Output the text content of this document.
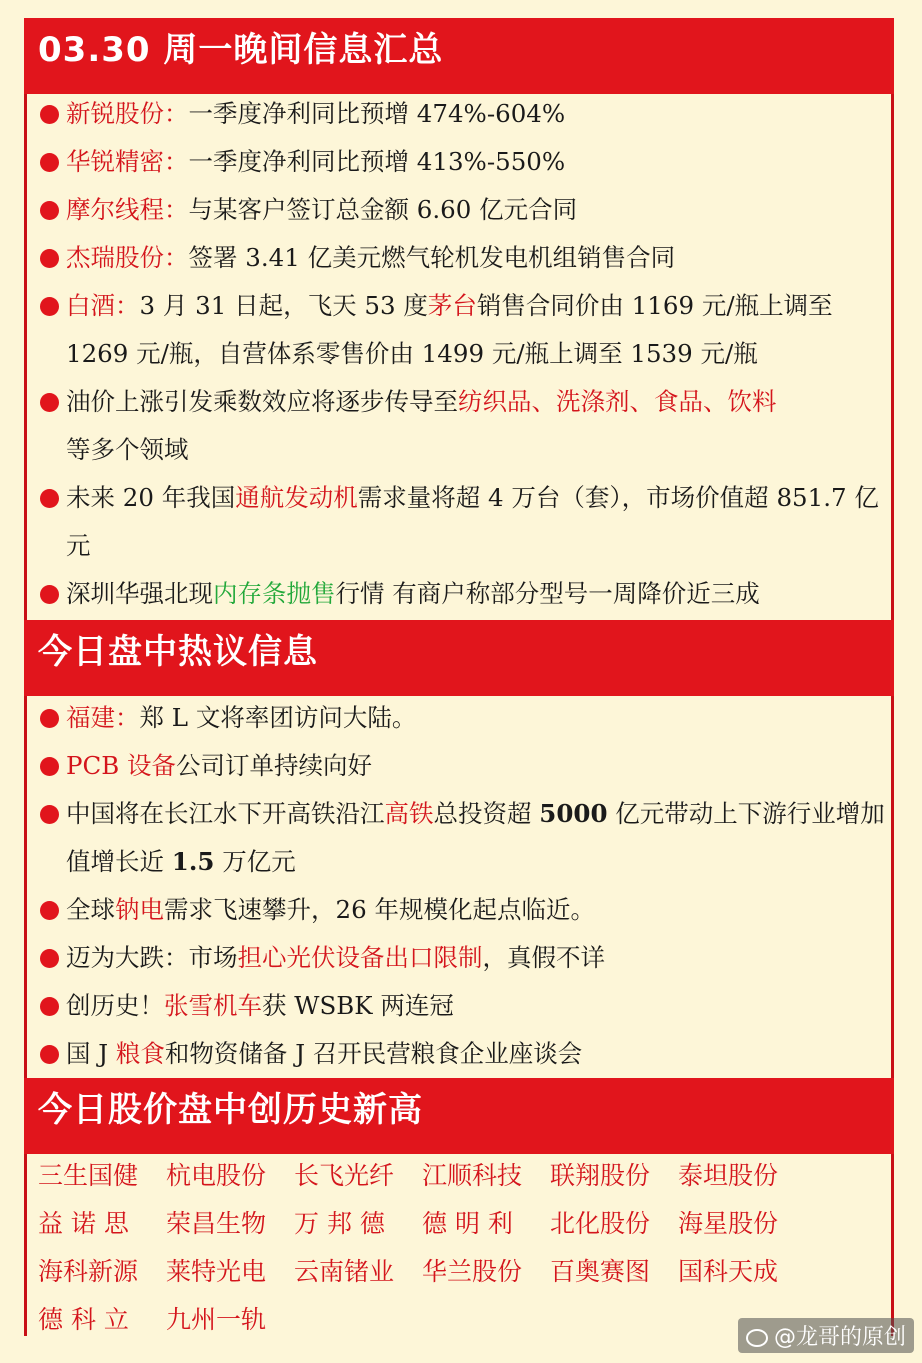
03.30 周一晚间信息汇总
新锐股份：一季度净利同比预增 474%-604%
华锐精密：一季度净利同比预增 413%-550%
摩尔线程：与某客户签订总金额 6.60 亿元合同
杰瑞股份：签署 3.41 亿美元燃气轮机发电机组销售合同
白酒：3 月 31 日起，飞天 53 度茅台销售合同价由 1169 元/瓶上调至 1269 元/瓶，自营体系零售价由 1499 元/瓶上调至 1539 元/瓶
油价上涨引发乘数效应将逐步传导至纺织品、洗涤剂、食品、饮料
等多个领域
未来 20 年我国通航发动机需求量将超 4 万台（套），市场价值超 851.7 亿元
深圳华强北现内存条抛售行情 有商户称部分型号一周降价近三成
今日盘中热议信息
福建：郑 L 文将率团访问大陆。
PCB 设备公司订单持续向好
中国将在长江水下开高铁沿江高铁总投资超 5000 亿元带动上下游行业增加值增长近 1.5 万亿元
全球钠电需求飞速攀升，26 年规模化起点临近。
迈为大跌：市场担心光伏设备出口限制，真假不详
创历史！张雪机车获 WSBK 两连冠
国 J 粮食和物资储备 J 召开民营粮食企业座谈会
今日股价盘中创历史新高
三生国健	杭电股份	长飞光纤	江顺科技	联翔股份	泰坦股份
益 诺 思	荣昌生物	万 邦 德	德 明 利	北化股份	海星股份
海科新源	莱特光电	云南锗业	华兰股份	百奥赛图	国科天成
德 科 立	九州一轨
@龙哥的原创
